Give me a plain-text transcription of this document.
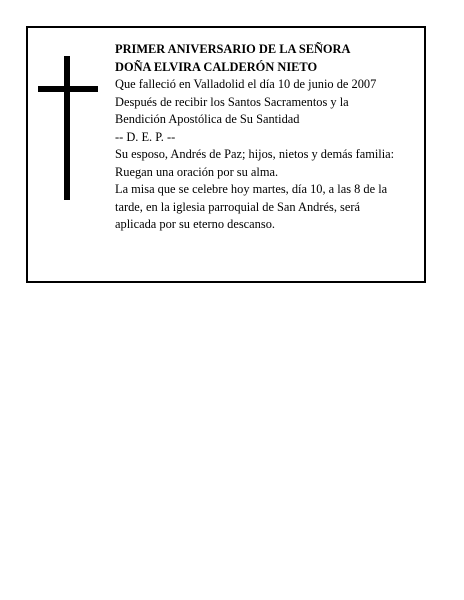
PRIMER ANIVERSARIO DE LA SEÑORA
DOÑA ELVIRA CALDERÓN NIETO
Que falleció en Valladolid el día 10 de junio de 2007
Después de recibir los Santos Sacramentos y la
Bendición Apostólica de Su Santidad
-- D. E. P. --
Su esposo, Andrés de Paz; hijos, nietos y demás familia:
Ruegan una oración por su alma.
La misa que se celebre hoy martes, día 10, a las 8 de la
tarde, en la iglesia parroquial de San Andrés, será
aplicada por su eterno descanso.
